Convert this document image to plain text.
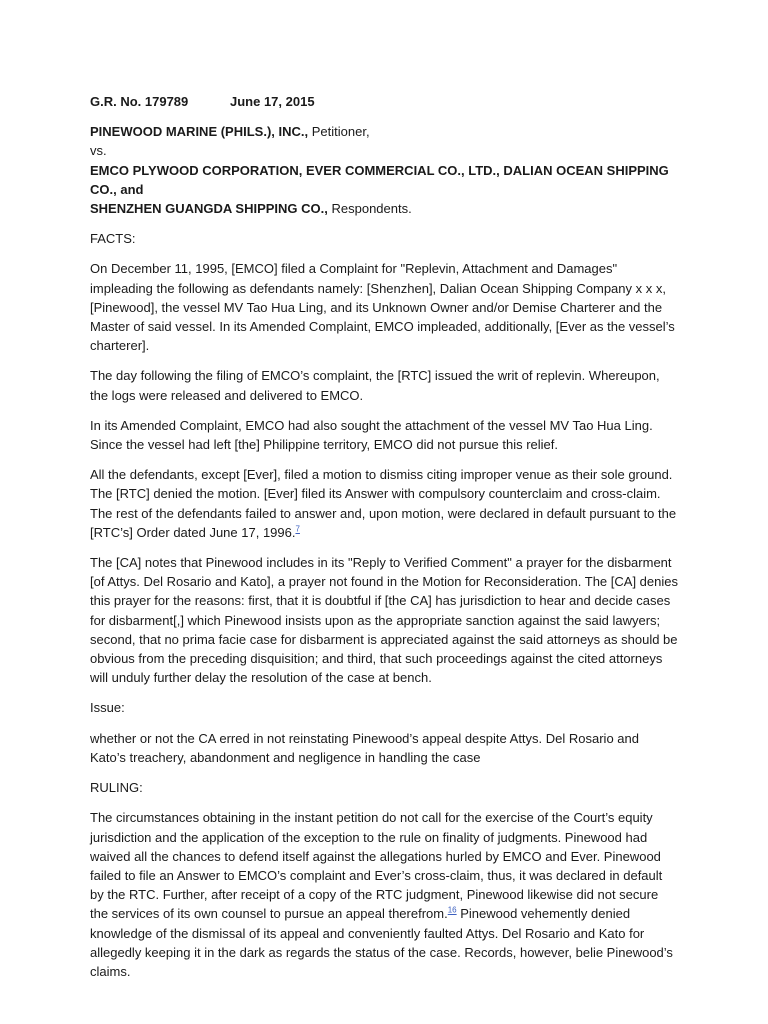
G.R. No. 179789	June 17, 2015

PINEWOOD MARINE (PHILS.), INC., Petitioner,

vs.

EMCO PLYWOOD CORPORATION, EVER COMMERCIAL CO., LTD., DALIAN OCEAN SHIPPING CO., and
SHENZHEN GUANGDA SHIPPING CO., Respondents.

FACTS:

On December 11, 1995, [EMCO] filed a Complaint for "Replevin, Attachment and Damages" impleading the following as defendants namely: [Shenzhen], Dalian Ocean Shipping Company x x x, [Pinewood], the vessel MV Tao Hua Ling, and its Unknown Owner and/or Demise Charterer and the Master of said vessel. In its Amended Complaint, EMCO impleaded, additionally, [Ever as the vessel’s charterer].

The day following the filing of EMCO’s complaint, the [RTC] issued the writ of replevin. Whereupon, the logs were released and delivered to EMCO.

In its Amended Complaint, EMCO had also sought the attachment of the vessel MV Tao Hua Ling. Since the vessel had left [the] Philippine territory, EMCO did not pursue this relief.

All the defendants, except [Ever], filed a motion to dismiss citing improper venue as their sole ground. The [RTC] denied the motion. [Ever] filed its Answer with compulsory counterclaim and cross-claim. The rest of the defendants failed to answer and, upon motion, were declared in default pursuant to the [RTC’s] Order dated June 17, 1996.$^7$

The [CA] notes that Pinewood includes in its "Reply to Verified Comment" a prayer for the disbarment [of Attys. Del Rosario and Kato], a prayer not found in the Motion for Reconsideration. The [CA] denies this prayer for the reasons: first, that it is doubtful if [the CA] has jurisdiction to hear and decide cases for disbarment[,] which Pinewood insists upon as the appropriate sanction against the said lawyers; second, that no prima facie case for disbarment is appreciated against the said attorneys as should be obvious from the preceding disquisition; and third, that such proceedings against the cited attorneys will unduly further delay the resolution of the case at bench.

Issue:

whether or not the CA erred in not reinstating Pinewood’s appeal despite Attys. Del Rosario and Kato’s treachery, abandonment and negligence in handling the case

RULING:

The circumstances obtaining in the instant petition do not call for the exercise of the Court’s equity jurisdiction and the application of the exception to the rule on finality of judgments. Pinewood had waived all the chances to defend itself against the allegations hurled by EMCO and Ever. Pinewood failed to file an Answer to EMCO’s complaint and Ever’s cross-claim, thus, it was declared in default by the RTC. Further, after receipt of a copy of the RTC judgment, Pinewood likewise did not secure the services of its own counsel to pursue an appeal therefrom.$^{16}$ Pinewood vehemently denied knowledge of the dismissal of its appeal and conveniently faulted Attys. Del Rosario and Kato for allegedly keeping it in the dark as regards the status of the case. Records, however, belie Pinewood’s claims.
